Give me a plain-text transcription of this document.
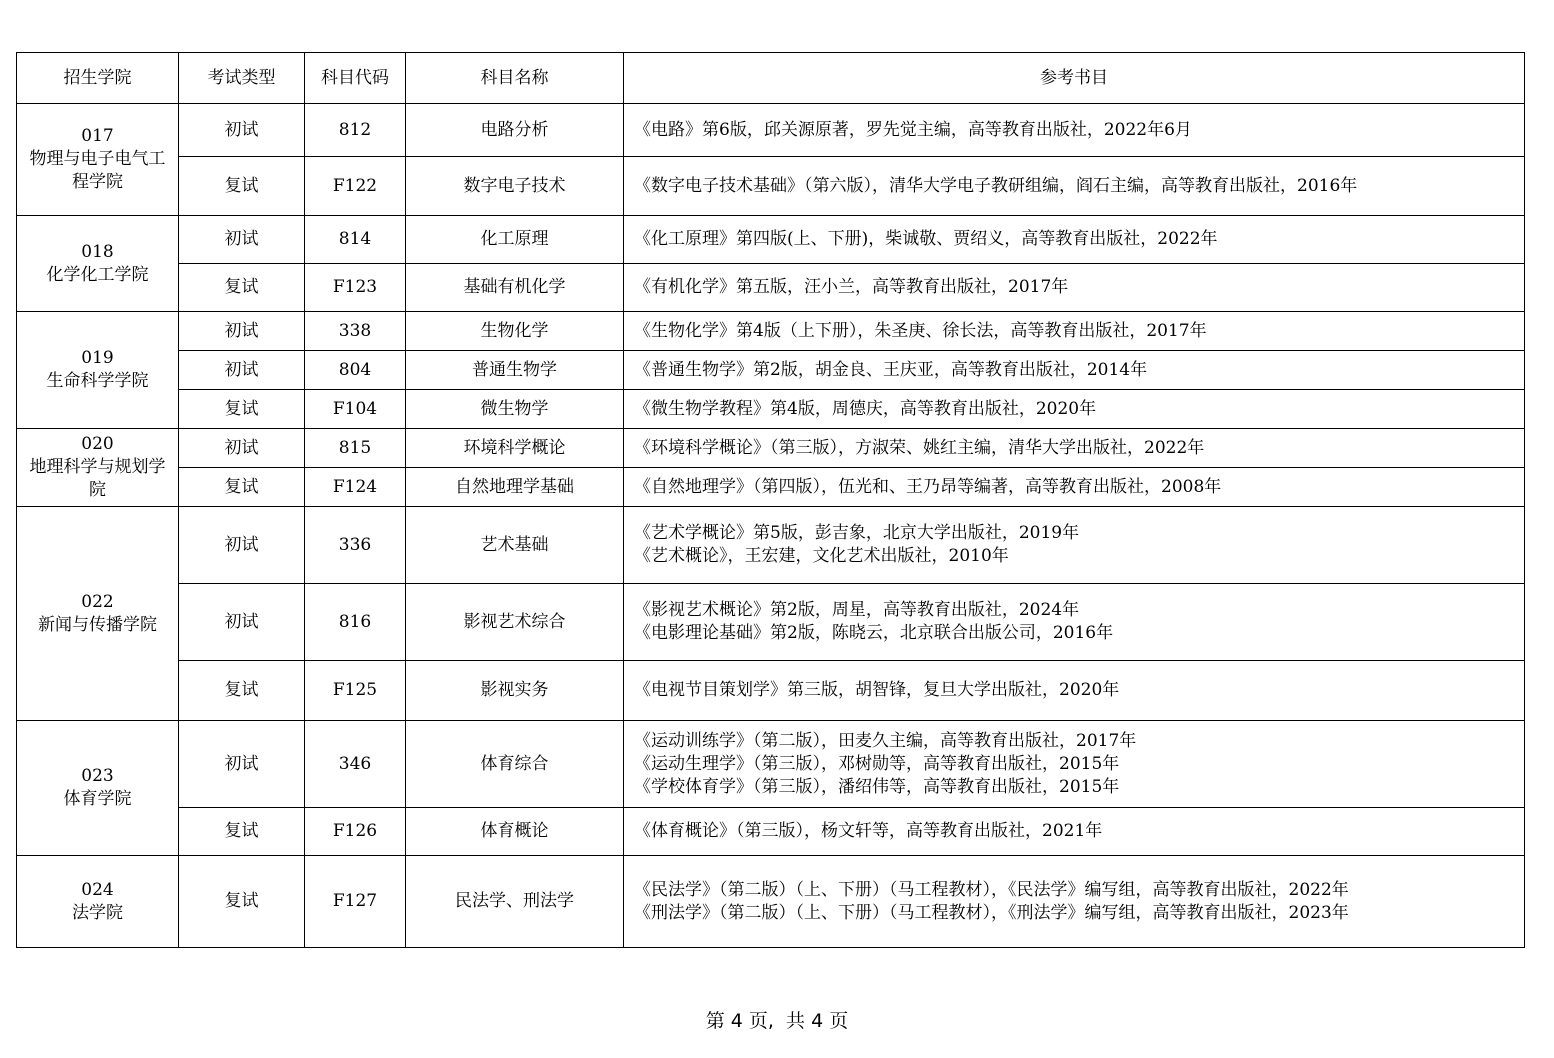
招生学院	考试类型	科目代码	科目名称	参考书目

017
物理与电子电气工
程学院	初试	812	电路分析	《电路》第6版，邱关源原著，罗先觉主编，高等教育出版社，2022年6月

	复试	F122	数字电子技术	《数字电子技术基础》（第六版），清华大学电子教研组编，阎石主编，高等教育出版社，2016年

018
化学化工学院	初试	814	化工原理	《化工原理》第四版(上、下册)，柴诚敬、贾绍义，高等教育出版社，2022年

	复试	F123	基础有机化学	《有机化学》第五版，汪小兰，高等教育出版社，2017年

019
生命科学学院	初试	338	生物化学	《生物化学》第4版（上下册），朱圣庚、徐长法，高等教育出版社，2017年

	初试	804	普通生物学	《普通生物学》第2版，胡金良、王庆亚，高等教育出版社，2014年

	复试	F104	微生物学	《微生物学教程》第4版，周德庆，高等教育出版社，2020年

020
地理科学与规划学
院	初试	815	环境科学概论	《环境科学概论》（第三版），方淑荣、姚红主编，清华大学出版社，2022年

	复试	F124	自然地理学基础	《自然地理学》（第四版），伍光和、王乃昂等编著，高等教育出版社，2008年

022
新闻与传播学院	初试	336	艺术基础	《艺术学概论》第5版，彭吉象，北京大学出版社，2019年
《艺术概论》，王宏建，文化艺术出版社，2010年

	初试	816	影视艺术综合	《影视艺术概论》第2版，周星，高等教育出版社，2024年
《电影理论基础》第2版，陈晓云，北京联合出版公司，2016年

	复试	F125	影视实务	《电视节目策划学》第三版，胡智锋，复旦大学出版社，2020年

023
体育学院	初试	346	体育综合	《运动训练学》（第二版），田麦久主编，高等教育出版社，2017年
《运动生理学》（第三版），邓树勋等，高等教育出版社，2015年
《学校体育学》（第三版），潘绍伟等，高等教育出版社，2015年

	复试	F126	体育概论	《体育概论》（第三版），杨文轩等，高等教育出版社，2021年

024
法学院	复试	F127	民法学、刑法学	《民法学》（第二版）（上、下册）（马工程教材），《民法学》编写组，高等教育出版社，2022年
《刑法学》（第二版）（上、下册）（马工程教材），《刑法学》编写组，高等教育出版社，2023年
第 4 页,  共 4 页
